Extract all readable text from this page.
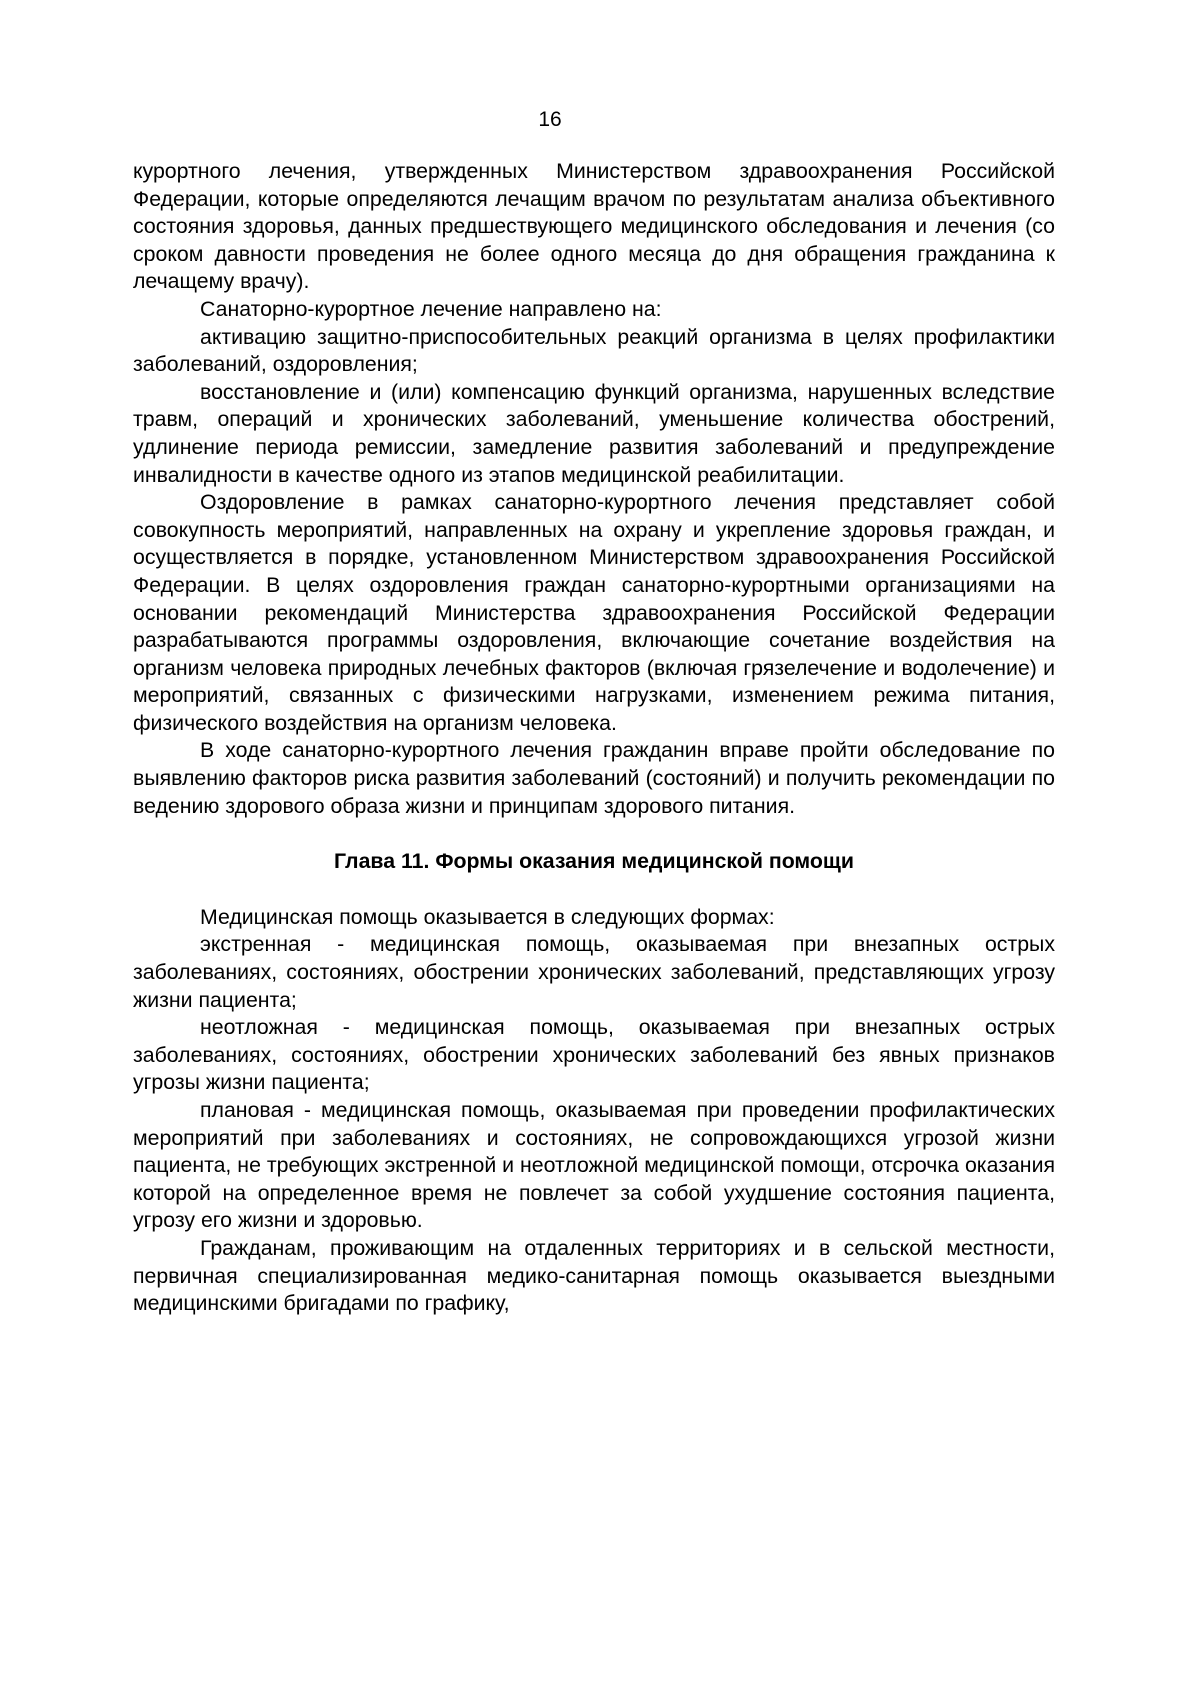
16

курортного лечения, утвержденных Министерством здравоохранения Российской Федерации, которые определяются лечащим врачом по результатам анализа объективного состояния здоровья, данных предшествующего медицинского обследования и лечения (со сроком давности проведения не более одного месяца до дня обращения гражданина к лечащему врачу).

Санаторно-курортное лечение направлено на:

активацию защитно-приспособительных реакций организма в целях профилактики заболеваний, оздоровления;

восстановление и (или) компенсацию функций организма, нарушенных вследствие травм, операций и хронических заболеваний, уменьшение количества обострений, удлинение периода ремиссии, замедление развития заболеваний и предупреждение инвалидности в качестве одного из этапов медицинской реабилитации.

Оздоровление в рамках санаторно-курортного лечения представляет собой совокупность мероприятий, направленных на охрану и укрепление здоровья граждан, и осуществляется в порядке, установленном Министерством здравоохранения Российской Федерации. В целях оздоровления граждан санаторно-курортными организациями на основании рекомендаций Министерства здравоохранения Российской Федерации разрабатываются программы оздоровления, включающие сочетание воздействия на организм человека природных лечебных факторов (включая грязелечение и водолечение) и мероприятий, связанных с физическими нагрузками, изменением режима питания, физического воздействия на организм человека.

В ходе санаторно-курортного лечения гражданин вправе пройти обследование по выявлению факторов риска развития заболеваний (состояний) и получить рекомендации по ведению здорового образа жизни и принципам здорового питания.

Глава 11. Формы оказания медицинской помощи

Медицинская помощь оказывается в следующих формах:

экстренная - медицинская помощь, оказываемая при внезапных острых заболеваниях, состояниях, обострении хронических заболеваний, представляющих угрозу жизни пациента;

неотложная - медицинская помощь, оказываемая при внезапных острых заболеваниях, состояниях, обострении хронических заболеваний без явных признаков угрозы жизни пациента;

плановая - медицинская помощь, оказываемая при проведении профилактических мероприятий при заболеваниях и состояниях, не сопровождающихся угрозой жизни пациента, не требующих экстренной и неотложной медицинской помощи, отсрочка оказания которой на определенное время не повлечет за собой ухудшение состояния пациента, угрозу его жизни и здоровью.

Гражданам, проживающим на отдаленных территориях и в сельской местности, первичная специализированная медико-санитарная помощь оказывается выездными медицинскими бригадами по графику,
